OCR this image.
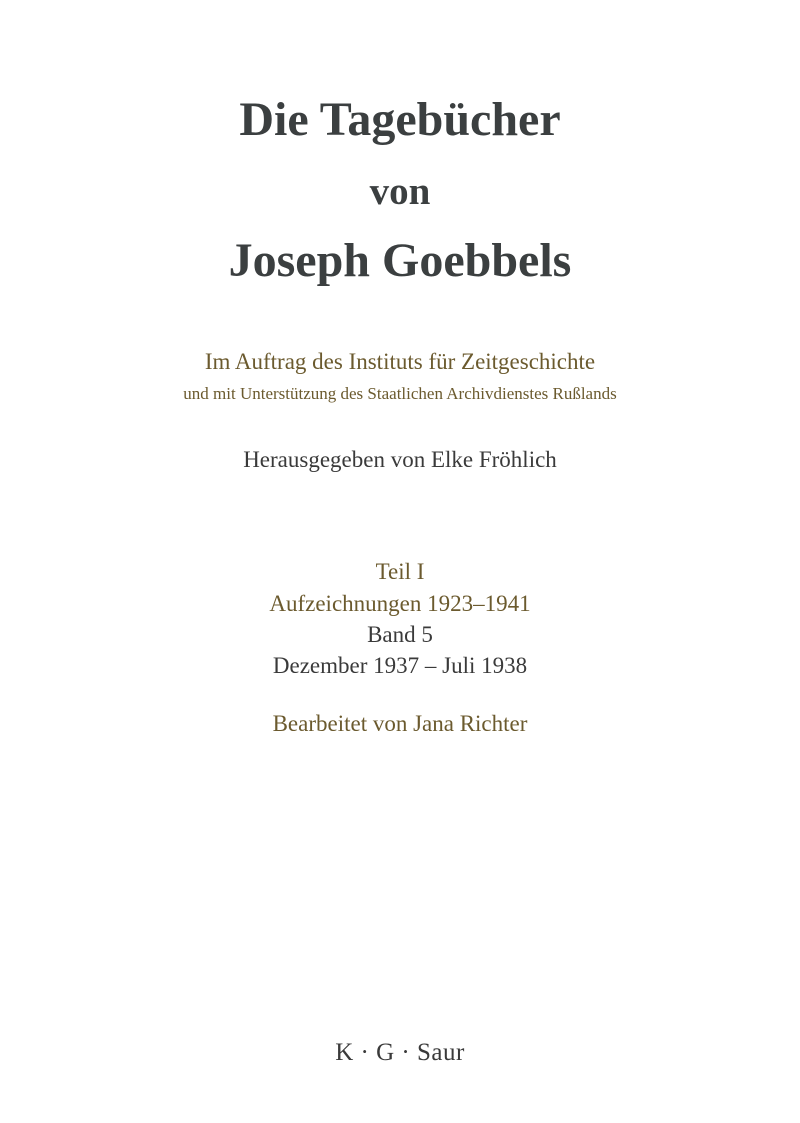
Die Tagebücher
von
Joseph Goebbels
Im Auftrag des Instituts für Zeitgeschichte
und mit Unterstützung des Staatlichen Archivdienstes Rußlands
Herausgegeben von Elke Fröhlich
Teil I
Aufzeichnungen 1923–1941
Band 5
Dezember 1937 – Juli 1938
Bearbeitet von Jana Richter
K · G · Saur
